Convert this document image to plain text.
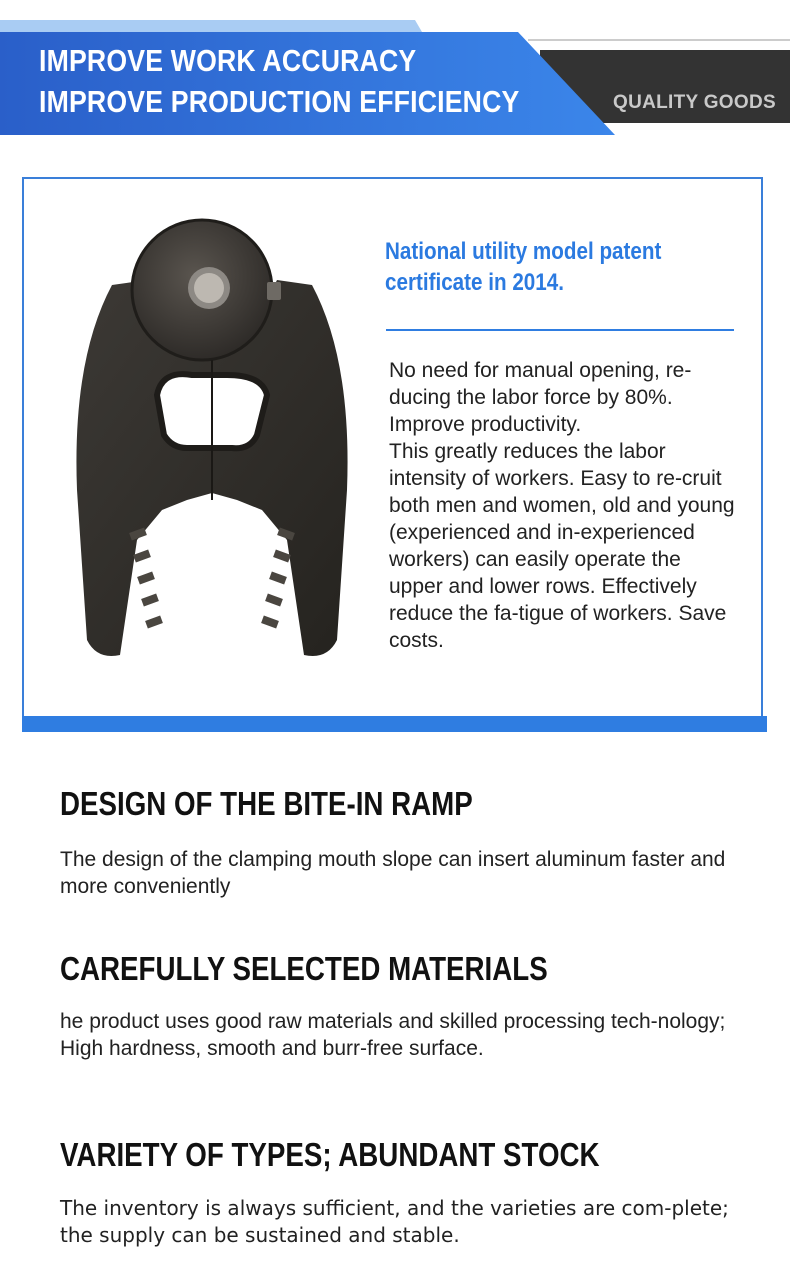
IMPROVE WORK ACCURACY
IMPROVE PRODUCTION EFFICIENCY	QUALITY GOODS
National utility model patent
certificate in 2014.

No need for manual opening, re-ducing the labor force by 80%.

Improve productivity.

This greatly reduces the labor intensity of workers. Easy to re-cruit both men and women, old and young (experienced and in-experienced workers) can easily operate the upper and lower rows. Effectively reduce the fa-tigue of workers. Save costs.

DESIGN OF THE BITE-IN RAMP

The design of the clamping mouth slope can insert aluminum faster and more conveniently

CAREFULLY SELECTED MATERIALS

he product uses good raw materials and skilled processing tech-nology;

High hardness, smooth and burr-free surface.

VARIETY OF TYPES; ABUNDANT STOCK

The inventory is always sufficient, and the varieties are com-plete; the supply can be sustained and stable.
